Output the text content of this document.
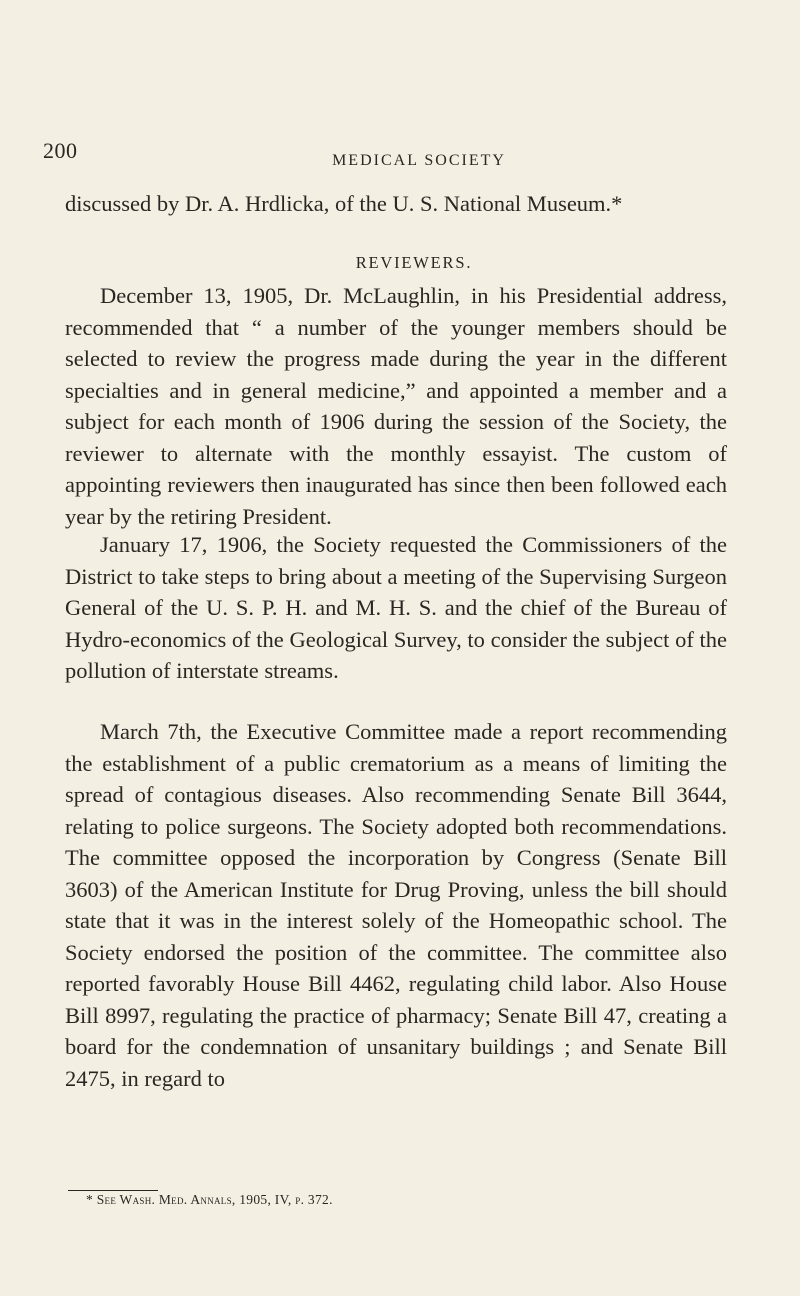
200	MEDICAL SOCIETY

discussed by Dr. A. Hrdlicka, of the U. S. National Museum.*

REVIEWERS.

December 13, 1905, Dr. McLaughlin, in his Presidential address, recommended that “ a number of the younger members should be selected to review the progress made during the year in the different specialties and in general medicine,” and appointed a member and a subject for each month of 1906 during the session of the Society, the reviewer to alternate with the monthly essayist. The custom of appointing reviewers then inaugurated has since then been followed each year by the retiring President.

January 17, 1906, the Society requested the Commissioners of the District to take steps to bring about a meeting of the Supervising Surgeon General of the U. S. P. H. and M. H. S. and the chief of the Bureau of Hydro-economics of the Geological Survey, to consider the subject of the pollution of interstate streams.

March 7th, the Executive Committee made a report recommending the establishment of a public crematorium as a means of limiting the spread of contagious diseases. Also recommending Senate Bill 3644, relating to police surgeons. The Society adopted both recommendations. The committee opposed the incorporation by Congress (Senate Bill 3603) of the American Institute for Drug Proving, unless the bill should state that it was in the interest solely of the Homeopathic school. The Society endorsed the position of the committee. The committee also reported favorably House Bill 4462, regulating child labor. Also House Bill 8997, regulating the practice of pharmacy; Senate Bill 47, creating a board for the condemnation of unsanitary buildings ; and Senate Bill 2475, in regard to

* See Wash. Med. Annals, 1905, IV, p. 372.
